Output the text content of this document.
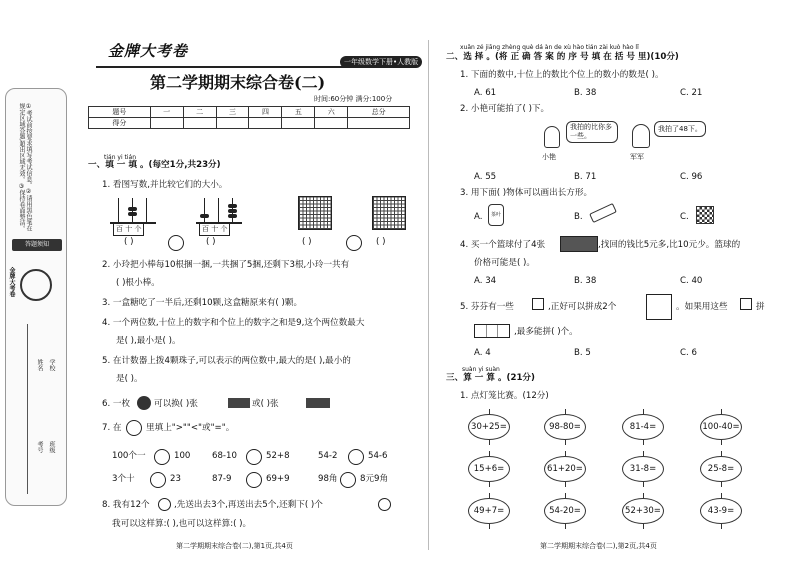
①考试前按要求填写考试信息。②请用黑色笔在规定区域答题,超出区域无效。③保持卷面整洁。
答题须知
金牌大考卷
学校
姓名
班级
考号
金牌大考卷
一年级数学下册•人教版
第二学期期末综合卷(二)
时间:60分钟 满分:100分
题号	一	二	三	四	五	六	总分
得分							
tián yi tián
一、填 一 填 。(每空1分,共23分)
1. 看图写数,并比较它们的大小。
百 十 个	百 十 个
( )	( )	( )	( )
2. 小玲把小棒每10根捆一捆,一共捆了5捆,还剩下3根,小玲一共有
( )根小棒。
3. 一盒糖吃了一半后,还剩10颗,这盒糖原来有( )颗。
4. 一个两位数,十位上的数字和个位上的数字之和是9,这个两位数最大
是( ),最小是( )。
5. 在计数器上拨4颗珠子,可以表示的两位数中,最大的是( ),最小的
是( )。
6. 一枚	可以换( )张	或( )张
7. 在	里填上">""<"或"="。
100个一	100	68-10	52+8	54-2	54-6
3个十	23	87-9	69+9	98角	8元9角
8. 我有12个	,先送出去3个,再送出去5个,还剩下( )个
我可以这样算:( ),也可以这样算:( )。
第二学期期末综合卷(二),第1页,共4页
xuǎn zé jiāng zhèng què dá àn de xù hào tián zài kuò hào lǐ
二、选 择 。(将 正 确 答 案 的 序 号 填 在 括 号 里)(10分)
1. 下面的数中,十位上的数比个位上的数小的数是( )。
A. 61	B. 38	C. 21
2. 小艳可能拍了( )下。
我拍的比你多一些。
小艳
我拍了48下。
军军
A. 55	B. 71	C. 96
3. 用下面( )物体可以画出长方形。
A.	茶叶	B.	C.
4. 买一个篮球付了4张	,找回的钱比5元多,比10元少。篮球的
价格可能是( )。
A. 34	B. 38	C. 40
5. 芬芬有一些	,正好可以拼成2个	。如果用这些	拼
,最多能拼( )个。
A. 4	B. 5	C. 6
suàn yi suàn
三、算 一 算 。(21分)
1. 点灯笼比赛。(12分)
30+25=	98-80=	81-4=	100-40=
15+6=	61+20=	31-8=	25-8=
49+7=	54-20=	52+30=	43-9=
第二学期期末综合卷(二),第2页,共4页
